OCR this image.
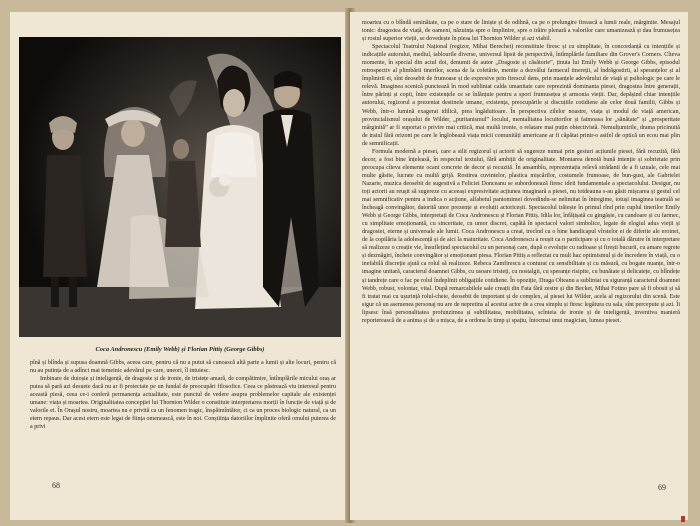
Coca Andronescu (Emily Webb) și Florian Pittiș (George Gibbs)

pînă și blînda și supusa doamnă Gibbs, aceea care, pentru că nu a putut să cunoască altă parte a lumii și alte locuri, pentru că nu au putința de a adînci mai temeinic adevărul pe care, uneori, îl intuiesc.

Imbinare de duioșie și inteligență, de dragoste și de ironie, de tristețe amară, de compătimire, întîmplările micului oraș ar putea să pară azi desuete dacă nu ar fi proiectate pe un fundal de preocupări filosofice. Ceea ce păstrează viu interesul pentru această piesă, ceea ce-i conferă permanența actualitate, este punctul de vedere asupra problemelor capitale ale existenței umane: viața și moartea. Originalitatea concepției lui Thornton Wilder o constituie interpretarea morții în funcție de viață și de valorile ei. În Orașul nostru, moartea nu e privită ca un fenomen tragic, înspăimîntător, ci ca un proces biologic natural, ca un etern repaus. Dar acest etern este legat de ființa omenească, este în noi. Conștiința datoriilor împlinite oferă omului puterea de a privi

68

moartea cu o blîndă seninătate, ca pe o stare de liniște și de odihnă, ca pe o prelungire firească a lumii reale, mărginite. Mesajul tonic: dragostea de viață, de oameni, năzuința spre o împlinire, spre o trăire plenară a valorilor care umanizează și dau frumusețea și rostul superior vieții, se dovedește în piesa lui Thornton Wilder și azi viabil.

Spectacolul Teatrului Național (regizor, Mihai Berechet) reconstituie firesc și cu simplitate, în concordanță cu intențiile și indicațiile autorului, mediul, tablourile diverse, universul lipsit de perspectivă, întîmplările familiare din Grover's Corners. Cîteva momente, în special din actul doi, denumit de autor „Dragoste și căsătorie”, ținuta lui Emily Webb și George Gibbs, episodul retrospectiv al plimbării tinerilor, scena de la cofetărie, menite a dezvălui farmecul tinereții, al îndrăgostirii, al speranțelor și al împlinirii ei, sînt deosebit de frumoase și de expresive prin firescul dens, prin nuanțele adevărului de viață și psihologic pe care le relevă. Imaginea scenică punctează în mod subliniat calda umanitate care reprezintă dominanta piesei, dragostea între generații, între părinți și copii, între existențele ce se înlănțuie pentru a spori frumusețea și armonia vieții. Dar, depășind chiar intențiile autorului, regizorul a prezentat destinele umane, existența, preocupările și discuțiile cotidiene ale celor două familii, Gibbs și Webb, într-o lumină exagerat idilică, prea îngăduitoare. În perspectiva zilelor noastre, viața și modul de viață american, provincialismul orașului de Wilder, „puritanismul” locului, mentalitatea locuitorilor și faimoasa lor „sănătate” și „prosperitate mărginită” ar fi suportat o privire mai critică, mai multă ironie, o relatare mai puțin obiectivistă. Nemulțumirile, drama pricinuită de traiul fără orizont pe care le înglobează viața micii comunități americane ar fi căpătat printr-o astfel de optică un ecou mai plin de semnificații.

Formula modernă a piesei, care a silit regizorul și actorii să sugereze numai prin gesturi acțiunile piesei, fără recuzită, fără decor, a fost bine înțeleasă, în respectul textului, fără ambiții de originalitate. Montarea denotă bună intenție și sobrietate prin preocupa cîteva elemente ocant concrete de decor și recuzită. În ansamblu, reprezentația relevă strădanii de a fi uzuale, cele mai multe găsite, lucrate cu multă grijă. Rostirea cuvintelor, plastica mișcărilor, costumele frumoase, de bun-gust, ale Gabrielei Nazarie, muzica deosebit de sugestivă a Feliciei Donceanu se subordonează firesc ideii fundamentale a spectacolului. Desigur, nu toți actorii au reușit să sugereze cu aceeași expresivitate acțiunea imaginară a piesei, nu totdeauna s-au găsit mișcarea și gestul cel mai semnificativ pentru a indica o acțiune, alfabetul pantomimei dovedindu-se nelimitat în întregime, totuși imaginea teatrală se încheagă convingător, datorită unor prezențe și evoluții actoricești. Spectacolul trăiește în primul rînd prin cuplul tinerilor Emily Webb și George Gibbs, interpretați de Coca Andronescu și Florian Pittiș. Idila lor, înfățișată cu gingășie, cu candoare și cu farmec, cu simplitate emoționantă, cu sinceritate, cu umor discret, capătă în spectacol valori simbolice, legate de elogiul adus vieții și dragostei, eterne și universale ale lumii. Coca Andronescu a creat, trecînd cu o bine handicapul vîrstelor ei de diferite ale eroinei, de la copilăria la adolescență și de aici la maturitate. Coca Andronescu a reușit ca o participare și cu o totală dăruire în interpretare să realizeze o creație vie, însuflețind spectacolul cu un personaj care, după o evoluție cu radioase și firești bucurii, cu amare regrete și dezmăgiri, încheie convingător și emoționant piesa. Florian Pittiș a reflectat cu mult haz optimismul și de încredere în viață, cu o inefabilă discreție ajută ca rolul să realizeze. Rebeca Zamfirescu a conturat cu sensibilitate și cu măsură, cu bogate nuanțe, într-o imagine unitară, caracterul doamnei Gibbs, cu usoare tristeți, cu nostalgii, cu speranțe risipite, cu bunătate și delicatețe, cu blîndețe și tandrețe care o fac pe rolul îndeplinit obligațiile cotidiene. În opoziție, Draga Olteanu a subliniat cu siguranță caracterul doamnei Webb, robust, volontar, vital. După remarcabilele sale creații din Fata fără zestre și din Becket, Mihai Fotino pare să fi obosit și să fi tratat mai cu ușurință rolul-cheie, deosebit de important și de complex, al piesei lui Wilder, acela al regizorului din scenă. Este sigur că un asemenea personaj nu are de nepretins al acestui actor de a crea simplu și firesc legătura cu sala, sînt percepute și azi. Îi lipsesc însă personalitatea profunzimea și subtilitatea, mobilitatea, scînteia de ironie și de inteligență, inventiva manieră reporterească de a anima și de a mișca, de a ordona în timp și spațiu, întocmai unui magician, lumea piesei.

69
